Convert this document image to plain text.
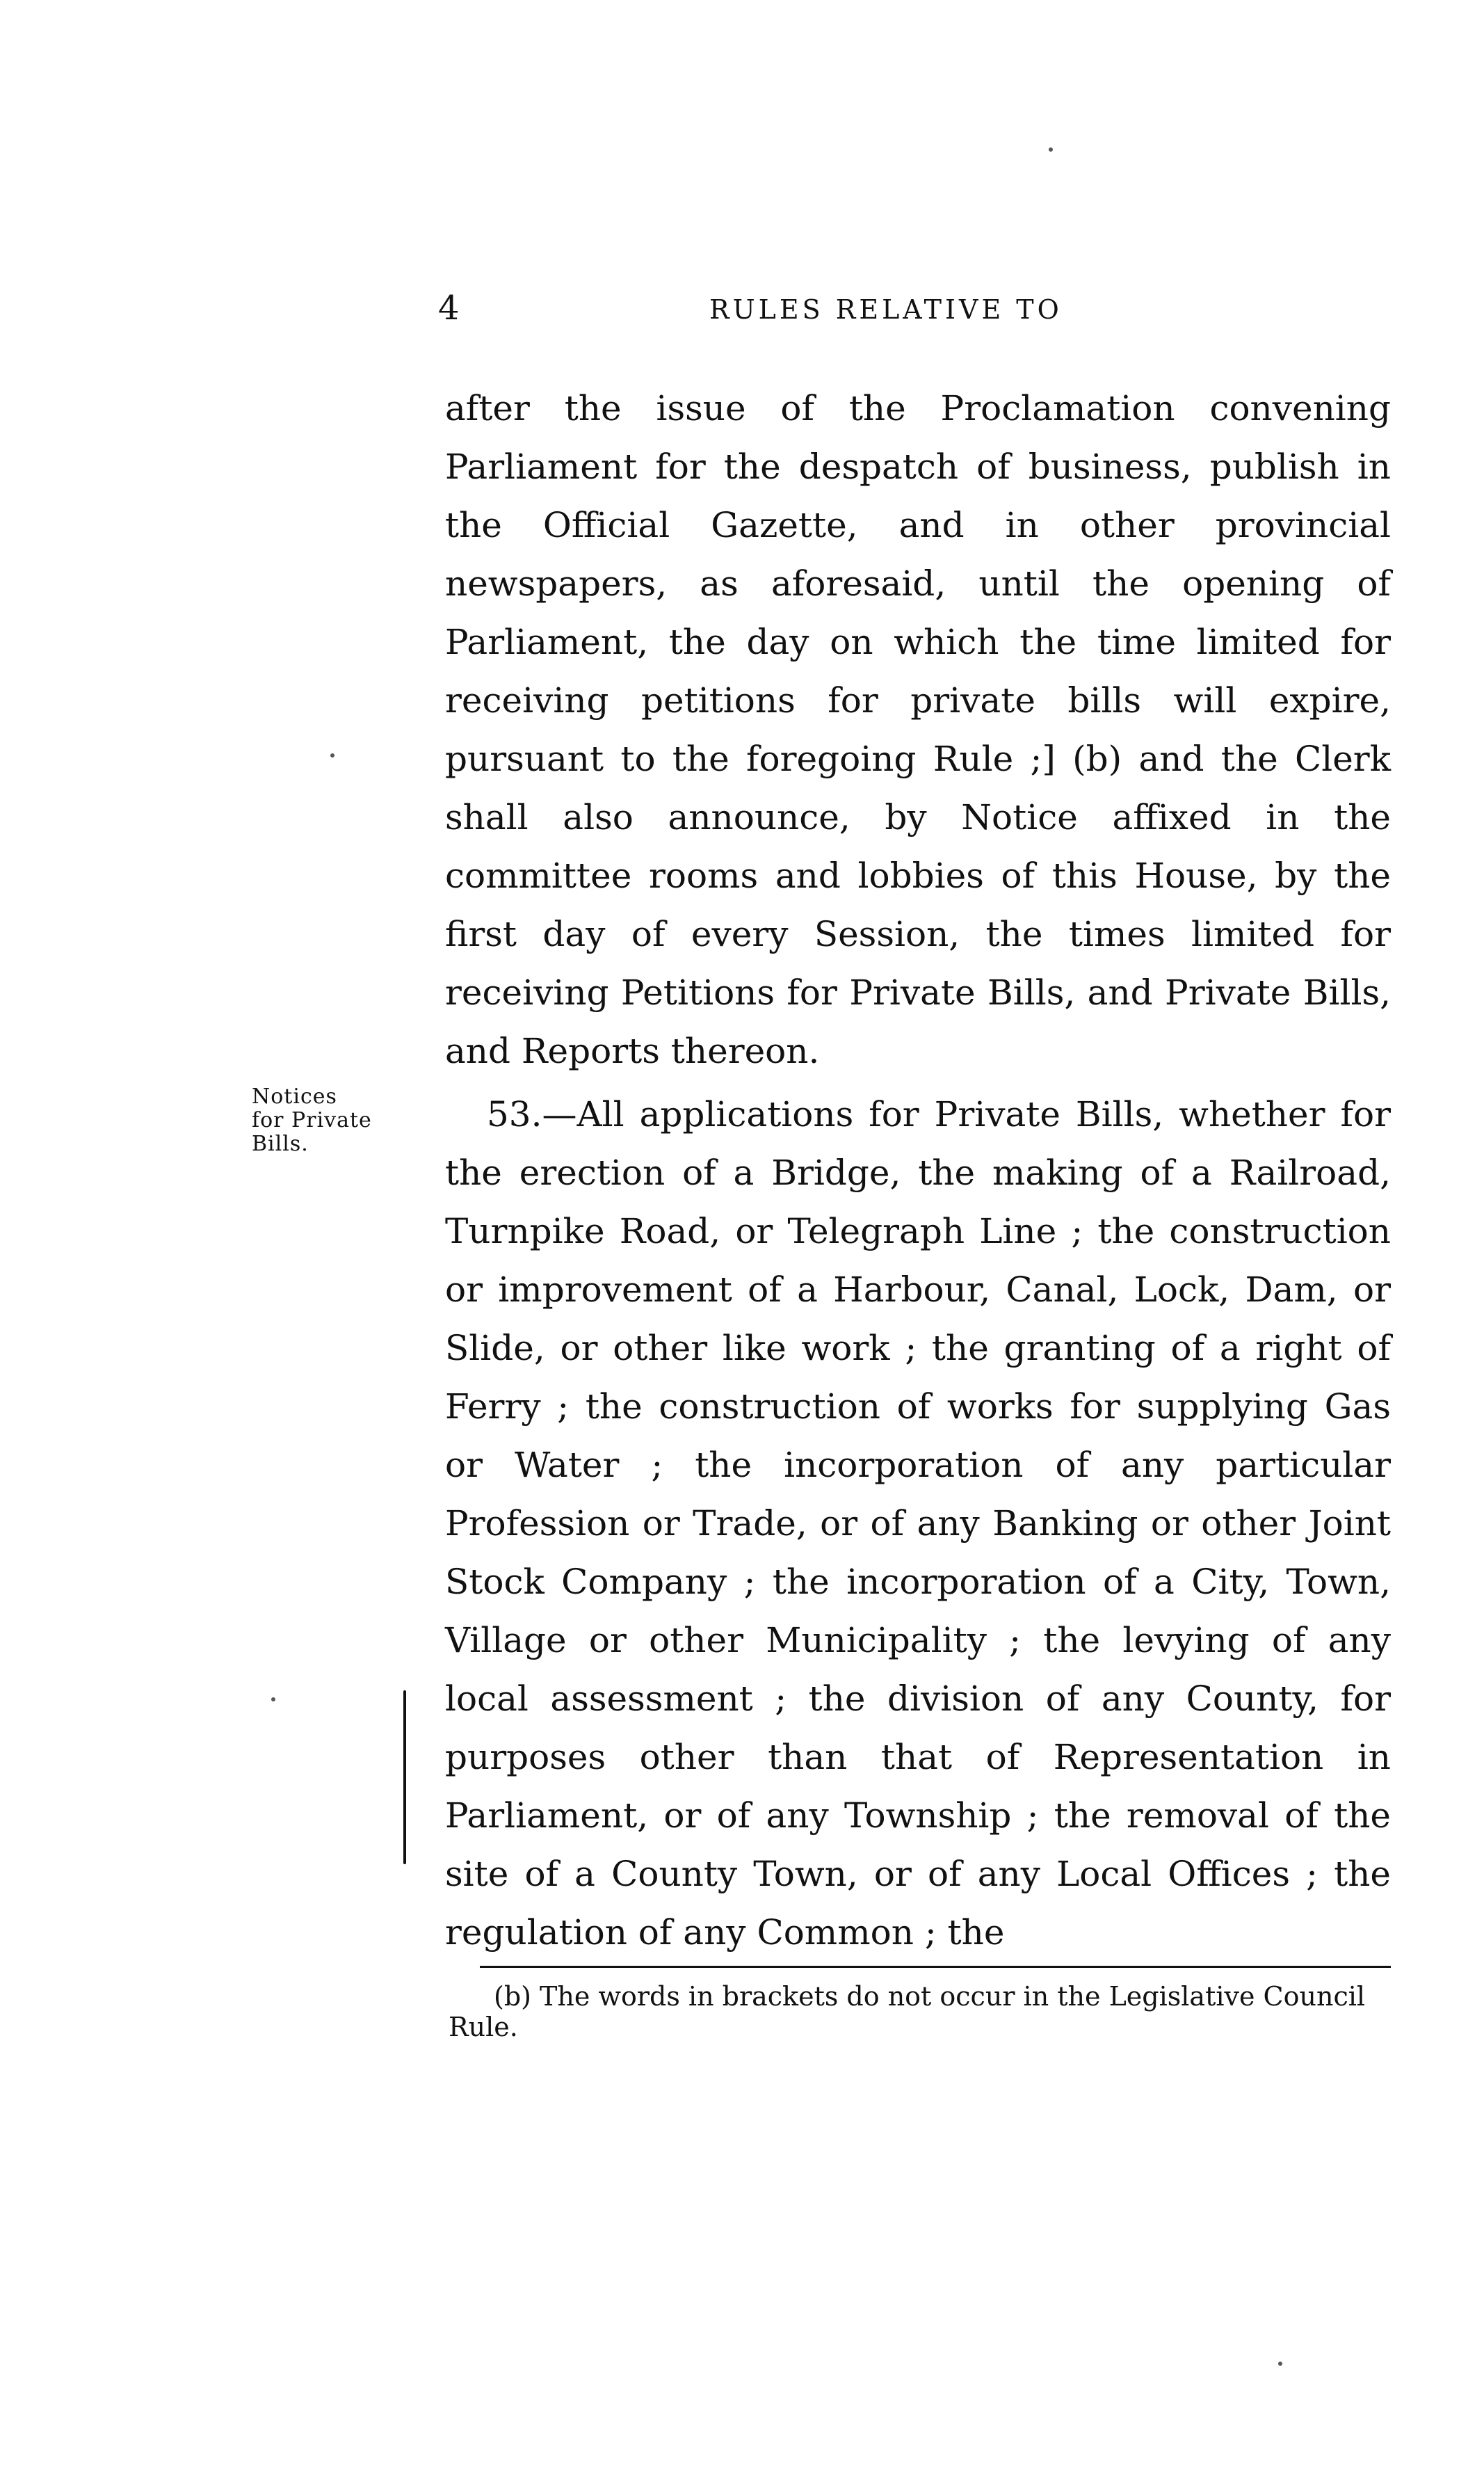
4	RULES RELATIVE TO

after the issue of the Proclamation convening Parliament for the despatch of business, publish in the Official Gazette, and in other provincial newspapers, as aforesaid, until the opening of Parliament, the day on which the time limited for receiving petitions for private bills will expire, pursuant to the foregoing Rule ;] (b) and the Clerk shall also announce, by Notice affixed in the committee rooms and lobbies of this House, by the first day of every Session, the times limited for receiving Petitions for Private Bills, and Private Bills, and Reports thereon.

Notices
for Private
Bills.

53.—All applications for Private Bills, whether for the erection of a Bridge, the making of a Railroad, Turnpike Road, or Telegraph Line ; the construction or improvement of a Harbour, Canal, Lock, Dam, or Slide, or other like work ; the granting of a right of Ferry ; the construction of works for supplying Gas or Water ; the incorporation of any particular Profession or Trade, or of any Banking or other Joint Stock Company ; the incorporation of a City, Town, Village or other Municipality ; the levying of any local assessment ; the division of any County, for purposes other than that of Representation in Parliament, or of any Township ; the removal of the site of a County Town, or of any Local Offices ; the regulation of any Common ; the

(b) The words in brackets do not occur in the Legislative Council Rule.
